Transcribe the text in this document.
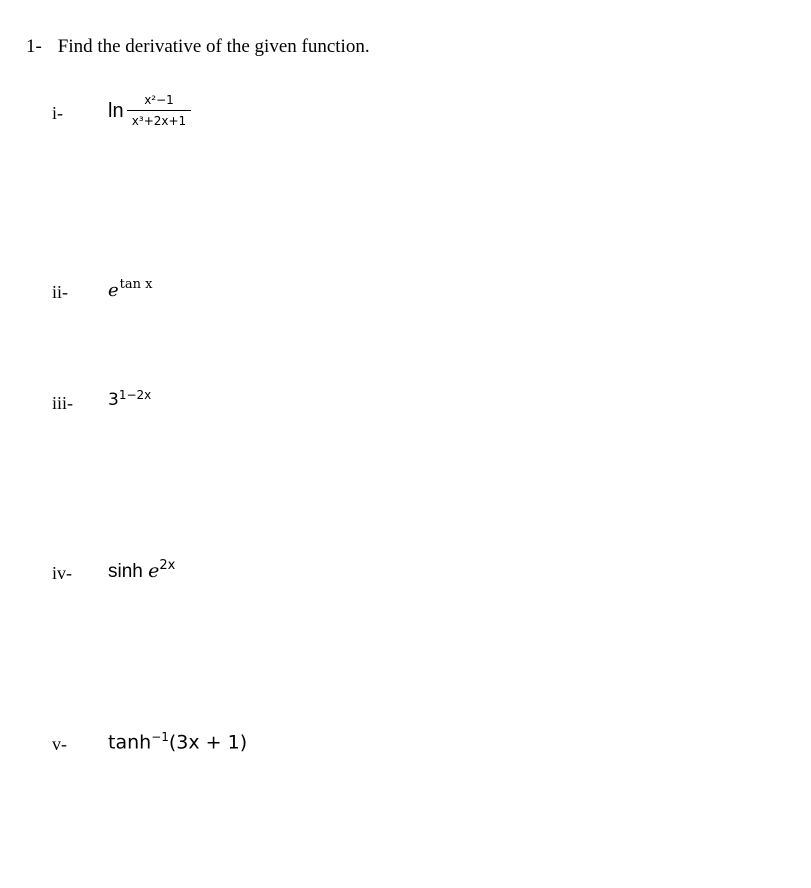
1- Find the derivative of the given function.
i- ln	x²−1
x³+2x+1
ii- etan x
iii- $3^{1-2x}$
iv- $\sinh e^{2x}$
v- $\tanh^{-1}(3x + 1)$
